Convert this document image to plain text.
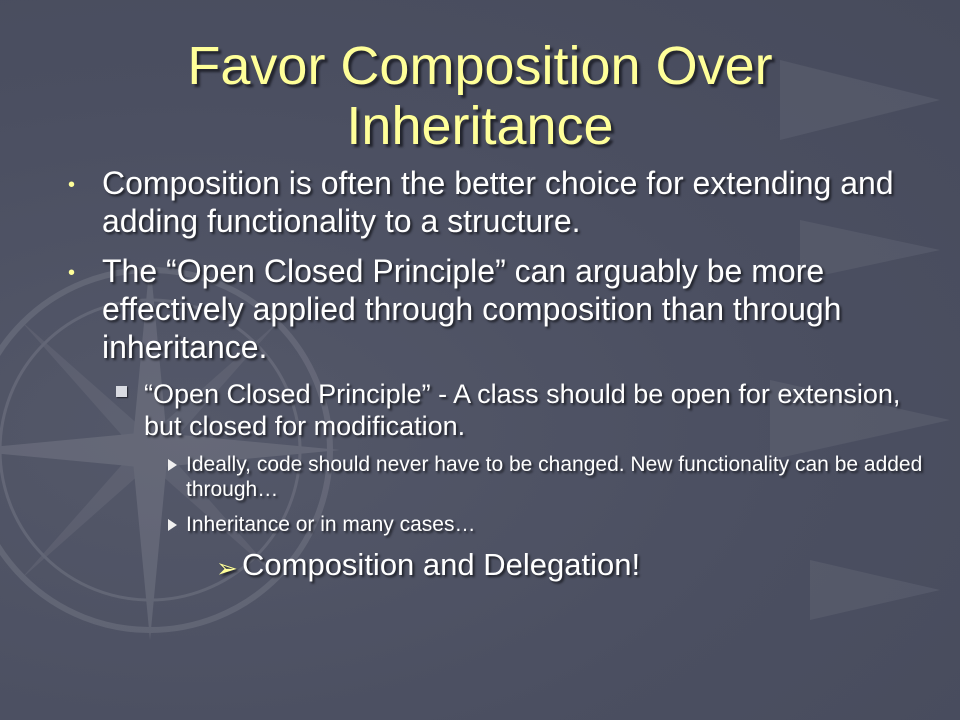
Favor Composition Over Inheritance
• Composition is often the better choice for extending and adding functionality to a structure.
• The “Open Closed Principle” can arguably be more effectively applied through composition than through inheritance.
“Open Closed Principle” - A class should be open for extension, but closed for modification.
Ideally, code should never have to be changed. New functionality can be added through…
Inheritance or in many cases…
➢ Composition and Delegation!
